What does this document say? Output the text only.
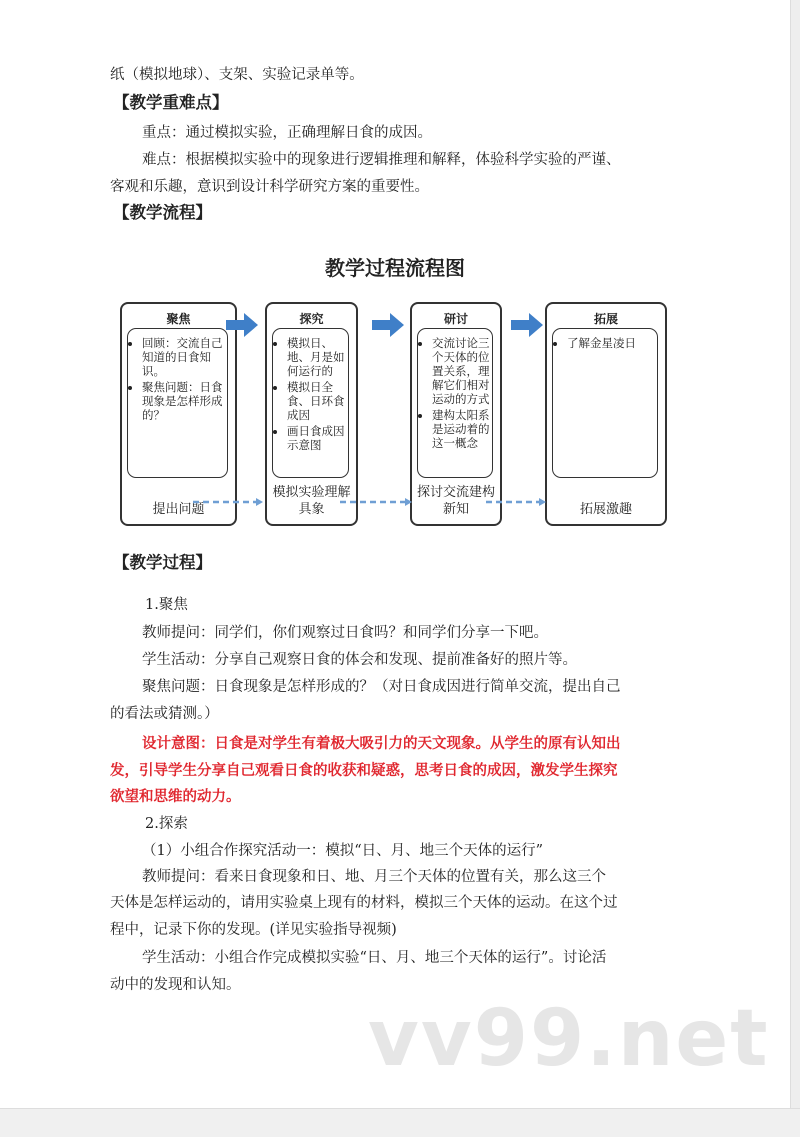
纸（模拟地球）、支架、实验记录单等。
【教学重难点】
重点：通过模拟实验，正确理解日食的成因。
难点：根据模拟实验中的现象进行逻辑推理和解释，体验科学实验的严谨、
客观和乐趣，意识到设计科学研究方案的重要性。
【教学流程】
教学过程流程图
聚焦
• 回顾：交流自己知道的日食知识。
• 聚焦问题：日食现象是怎样形成的？
提出问题
探究
• 模拟日、地、月是如何运行的
• 模拟日全食、日环食成因
• 画日食成因示意图
模拟实验理解具象
研讨
• 交流讨论三个天体的位置关系，理解它们相对运动的方式
• 建构太阳系是运动着的这一概念
探讨交流建构新知
拓展
• 了解金星凌日
拓展激趣
【教学过程】
1.聚焦
教师提问：同学们，你们观察过日食吗？和同学们分享一下吧。
学生活动：分享自己观察日食的体会和发现、提前准备好的照片等。
聚焦问题：日食现象是怎样形成的？（对日食成因进行简单交流，提出自己
的看法或猜测。）
设计意图：日食是对学生有着极大吸引力的天文现象。从学生的原有认知出
发，引导学生分享自己观看日食的收获和疑惑，思考日食的成因，激发学生探究
欲望和思维的动力。
2.探索
（1）小组合作探究活动一：模拟“日、月、地三个天体的运行”
教师提问：看来日食现象和日、地、月三个天体的位置有关，那么这三个
天体是怎样运动的，请用实验桌上现有的材料，模拟三个天体的运动。在这个过
程中，记录下你的发现。(详见实验指导视频)
学生活动：小组合作完成模拟实验“日、月、地三个天体的运行”。讨论活
动中的发现和认知。
vv99.net
